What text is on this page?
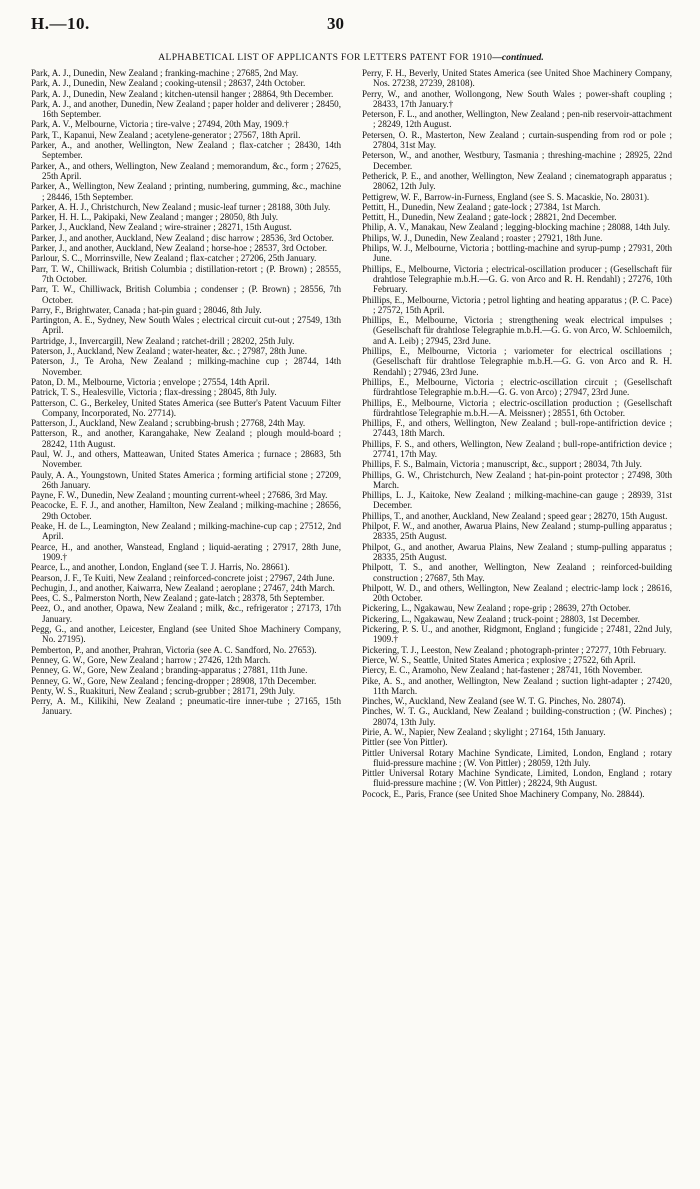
H.—10.	30
ALPHABETICAL LIST OF APPLICANTS FOR LETTERS PATENT FOR 1910—continued.

Park, A. J., Dunedin, New Zealand ; franking-machine ; 27685, 2nd May.

Park, A. J., Dunedin, New Zealand ; cooking-utensil ; 28637, 24th October.

Park, A. J., Dunedin, New Zealand ; kitchen-utensil hanger ; 28864, 9th December.

Park, A. J., and another, Dunedin, New Zealand ; paper holder and deliverer ; 28450, 16th September.

Park, A. V., Melbourne, Victoria ; tire-valve ; 27494, 20th May, 1909.†

Park, T., Kapanui, New Zealand ; acetylene-generator ; 27567, 18th April.

Parker, A., and another, Wellington, New Zealand ; flax-catcher ; 28430, 14th September.

Parker, A., and others, Wellington, New Zealand ; memorandum, &c., form ; 27625, 25th April.

Parker, A., Wellington, New Zealand ; printing, numbering, gumming, &c., machine ; 28446, 15th September.

Parker, A. H. J., Christchurch, New Zealand ; music-leaf turner ; 28188, 30th July.

Parker, H. H. L., Pakipaki, New Zealand ; manger ; 28050, 8th July.

Parker, J., Auckland, New Zealand ; wire-strainer ; 28271, 15th August.

Parker, J., and another, Auckland, New Zealand ; disc harrow ; 28536, 3rd October.

Parker, J., and another, Auckland, New Zealand ; horse-hoe ; 28537, 3rd October.

Parlour, S. C., Morrinsville, New Zealand ; flax-catcher ; 27206, 25th January.

Parr, T. W., Chilliwack, British Columbia ; distillation-retort ; (P. Brown) ; 28555, 7th October.

Parr, T. W., Chilliwack, British Columbia ; condenser ; (P. Brown) ; 28556, 7th October.

Parry, F., Brightwater, Canada ; hat-pin guard ; 28046, 8th July.

Partington, A. E., Sydney, New South Wales ; electrical circuit cut-out ; 27549, 13th April.

Partridge, J., Invercargill, New Zealand ; ratchet-drill ; 28202, 25th July.

Paterson, J., Auckland, New Zealand ; water-heater, &c. ; 27987, 28th June.

Paterson, J., Te Aroha, New Zealand ; milking-machine cup ; 28744, 14th November.

Paton, D. M., Melbourne, Victoria ; envelope ; 27554, 14th April.

Patrick, T. S., Healesville, Victoria ; flax-dressing ; 28045, 8th July.

Patterson, C. G., Berkeley, United States America (see Butter's Patent Vacuum Filter Company, Incorporated, No. 27714).

Patterson, J., Auckland, New Zealand ; scrubbing-brush ; 27768, 24th May.

Patterson, R., and another, Karangahake, New Zealand ; plough mould-board ; 28242, 11th August.

Paul, W. J., and others, Matteawan, United States America ; furnace ; 28683, 5th November.

Pauly, A. A., Youngstown, United States America ; forming artificial stone ; 27209, 26th January.

Payne, F. W., Dunedin, New Zealand ; mounting current-wheel ; 27686, 3rd May.

Peacocke, E. F. J., and another, Hamilton, New Zealand ; milking-machine ; 28656, 29th October.

Peake, H. de L., Leamington, New Zealand ; milking-machine-cup cap ; 27512, 2nd April.

Pearce, H., and another, Wanstead, England ; liquid-aerating ; 27917, 28th June, 1909.†

Pearce, L., and another, London, England (see T. J. Harris, No. 28661).

Pearson, J. F., Te Kuiti, New Zealand ; reinforced-concrete joist ; 27967, 24th June.

Pechugin, J., and another, Kaiwarra, New Zealand ; aeroplane ; 27467, 24th March.

Pees, C. S., Palmerston North, New Zealand ; gate-latch ; 28378, 5th September.

Peez, O., and another, Opawa, New Zealand ; milk, &c., refrigerator ; 27173, 17th January.

Pegg, G., and another, Leicester, England (see United Shoe Machinery Company, No. 27195).

Pemberton, P., and another, Prahran, Victoria (see A. C. Sandford, No. 27653).

Penney, G. W., Gore, New Zealand ; harrow ; 27426, 12th March.

Penney, G. W., Gore, New Zealand ; branding-apparatus ; 27881, 11th June.

Penney, G. W., Gore, New Zealand ; fencing-dropper ; 28908, 17th December.

Penty, W. S., Ruakituri, New Zealand ; scrub-grubber ; 28171, 29th July.

Perry, A. M., Kilikihi, New Zealand ; pneumatic-tire inner-tube ; 27165, 15th January.

Perry, F. H., Beverly, United States America (see United Shoe Machinery Company, Nos. 27238, 27239, 28108).

Perry, W., and another, Wollongong, New South Wales ; power-shaft coupling ; 28433, 17th January.†

Peterson, F. L., and another, Wellington, New Zealand ; pen-nib reservoir-attachment ; 28249, 12th August.

Petersen, O. R., Masterton, New Zealand ; curtain-suspending from rod or pole ; 27804, 31st May.

Peterson, W., and another, Westbury, Tasmania ; threshing-machine ; 28925, 22nd December.

Petherick, P. E., and another, Wellington, New Zealand ; cinematograph apparatus ; 28062, 12th July.

Pettigrew, W. F., Barrow-in-Furness, England (see S. S. Macaskie, No. 28031).

Pettitt, H., Dunedin, New Zealand ; gate-lock ; 27384, 1st March.

Pettitt, H., Dunedin, New Zealand ; gate-lock ; 28821, 2nd December.

Philip, A. V., Manakau, New Zealand ; legging-blocking machine ; 28088, 14th July.

Philips, W. J., Dunedin, New Zealand ; roaster ; 27921, 18th June.

Philips, W. J., Melbourne, Victoria ; bottling-machine and syrup-pump ; 27931, 20th June.

Phillips, E., Melbourne, Victoria ; electrical-oscillation producer ; (Gesellschaft für drahtlose Telegraphie m.b.H.—G. G. von Arco and R. H. Rendahl) ; 27276, 10th February.

Phillips, E., Melbourne, Victoria ; petrol lighting and heating apparatus ; (P. C. Pace) ; 27572, 15th April.

Phillips, E., Melbourne, Victoria ; strengthening weak electrical impulses ; (Gesellschaft für drahtlose Telegraphie m.b.H.—G. G. von Arco, W. Schloemilch, and A. Leib) ; 27945, 23rd June.

Phillips, E., Melbourne, Victoria ; variometer for electrical oscillations ; (Gesellschaft für drahtlose Telegraphie m.b.H.—G. G. von Arco and R. H. Rendahl) ; 27946, 23rd June.

Phillips, E., Melbourne, Victoria ; electric-oscillation circuit ; (Gesellschaft fürdrahtlose Telegraphie m.b.H.—G. G. von Arco) ; 27947, 23rd June.

Phillips, E., Melbourne, Victoria ; electric-oscillation production ; (Gesellschaft fürdrahtlose Telegraphie m.b.H.—A. Meissner) ; 28551, 6th October.

Phillips, F., and others, Wellington, New Zealand ; bull-rope-antifriction device ; 27443, 18th March.

Phillips, F. S., and others, Wellington, New Zealand ; bull-rope-antifriction device ; 27741, 17th May.

Phillips, F. S., Balmain, Victoria ; manuscript, &c., support ; 28034, 7th July.

Phillips, G. W., Christchurch, New Zealand ; hat-pin-point protector ; 27498, 30th March.

Phillips, L. J., Kaitoke, New Zealand ; milking-machine-can gauge ; 28939, 31st December.

Phillips, T., and another, Auckland, New Zealand ; speed gear ; 28270, 15th August.

Philpot, F. W., and another, Awarua Plains, New Zealand ; stump-pulling apparatus ; 28335, 25th August.

Philpot, G., and another, Awarua Plains, New Zealand ; stump-pulling apparatus ; 28335, 25th August.

Philpott, T. S., and another, Wellington, New Zealand ; reinforced-building construction ; 27687, 5th May.

Philpott, W. D., and others, Wellington, New Zealand ; electric-lamp lock ; 28616, 20th October.

Pickering, L., Ngakawau, New Zealand ; rope-grip ; 28639, 27th October.

Pickering, L., Ngakawau, New Zealand ; truck-point ; 28803, 1st December.

Pickering, P. S. U., and another, Ridgmont, England ; fungicide ; 27481, 22nd July, 1909.†

Pickering, T. J., Leeston, New Zealand ; photograph-printer ; 27277, 10th February.

Pierce, W. S., Seattle, United States America ; explosive ; 27522, 6th April.

Piercy, E. C., Aramoho, New Zealand ; hat-fastener ; 28741, 16th November.

Pike, A. S., and another, Wellington, New Zealand ; suction light-adapter ; 27420, 11th March.

Pinches, W., Auckland, New Zealand (see W. T. G. Pinches, No. 28074).

Pinches, W. T. G., Auckland, New Zealand ; building-construction ; (W. Pinches) ; 28074, 13th July.

Pirie, A. W., Napier, New Zealand ; skylight ; 27164, 15th January.

Pittler (see Von Pittler).

Pittler Universal Rotary Machine Syndicate, Limited, London, England ; rotary fluid-pressure machine ; (W. Von Pittler) ; 28059, 12th July.

Pittler Universal Rotary Machine Syndicate, Limited, London, England ; rotary fluid-pressure machine ; (W. Von Pittler) ; 28224, 9th August.

Pocock, E., Paris, France (see United Shoe Machinery Company, No. 28844).
